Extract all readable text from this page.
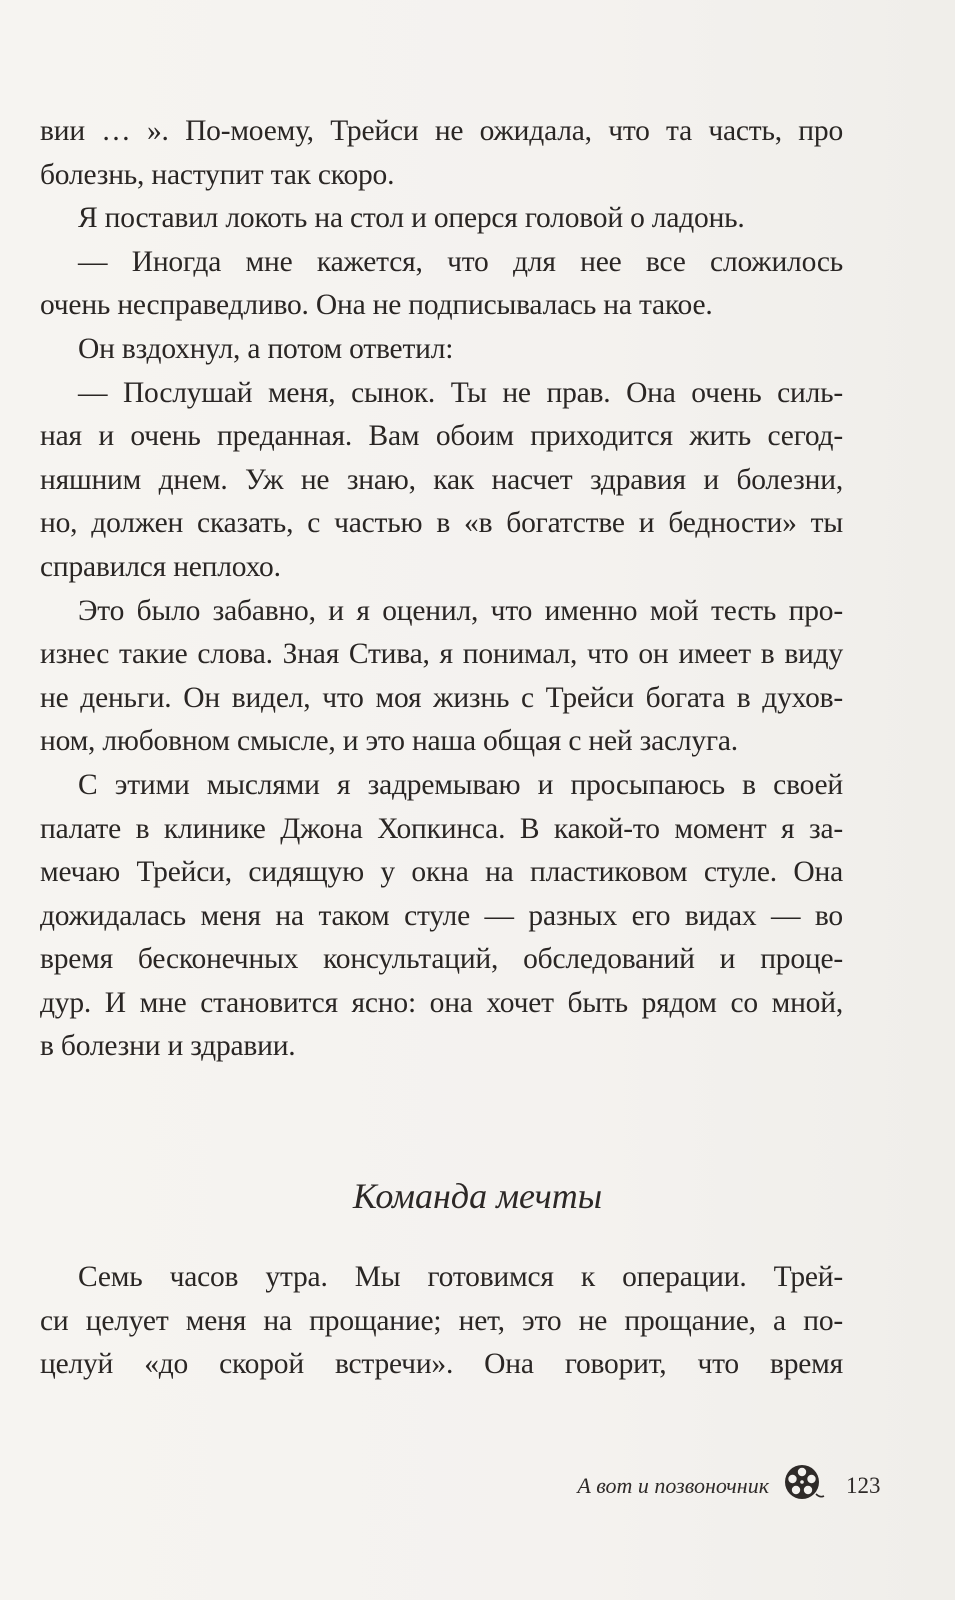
вии … ». По-моему, Трейси не ожидала, что та часть, про
болезнь, наступит так скоро.
Я поставил локоть на стол и оперся головой о ладонь.
— Иногда мне кажется, что для нее все сложилось
очень несправедливо. Она не подписывалась на такое.
Он вздохнул, а потом ответил:
— Послушай меня, сынок. Ты не прав. Она очень силь-
ная и очень преданная. Вам обоим приходится жить сегод-
няшним днем. Уж не знаю, как насчет здравия и болезни,
но, должен сказать, с частью в «в богатстве и бедности» ты
справился неплохо.
Это было забавно, и я оценил, что именно мой тесть про-
изнес такие слова. Зная Стива, я понимал, что он имеет в виду
не деньги. Он видел, что моя жизнь с Трейси богата в духов-
ном, любовном смысле, и это наша общая с ней заслуга.
С этими мыслями я задремываю и просыпаюсь в своей
палате в клинике Джона Хопкинса. В какой-то момент я за-
мечаю Трейси, сидящую у окна на пластиковом стуле. Она
дожидалась меня на таком стуле — разных его видах — во
время бесконечных консультаций, обследований и проце-
дур. И мне становится ясно: она хочет быть рядом со мной,
в болезни и здравии.
Команда мечты
Семь часов утра. Мы готовимся к операции. Трей-
си целует меня на прощание; нет, это не прощание, а по-
целуй «до скорой встречи». Она говорит, что время
А вот и позвоночник	123
